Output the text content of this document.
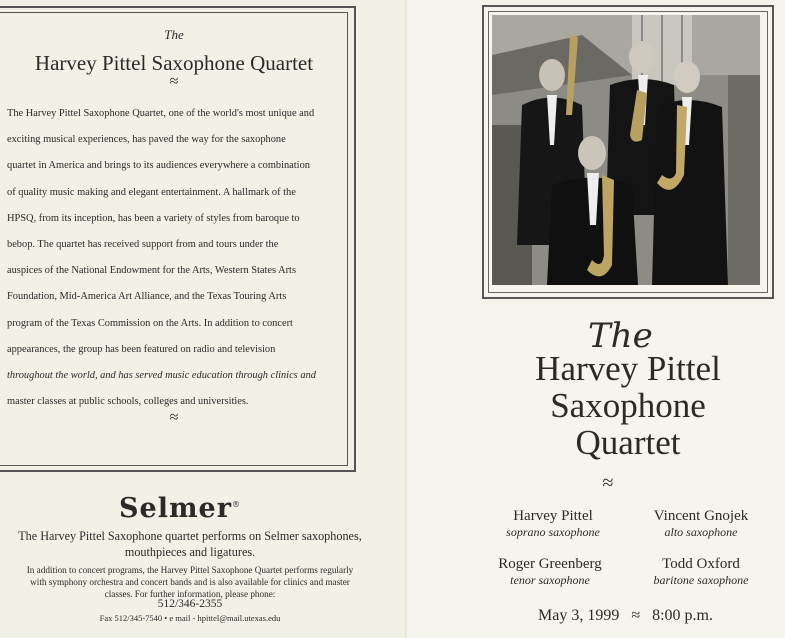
The
Harvey Pittel Saxophone Quartet
≈
The Harvey Pittel Saxophone Quartet, one of the world's most unique and
exciting musical experiences, has paved the way for the saxophone
quartet in America and brings to its audiences everywhere a combination
of quality music making and elegant entertainment. A hallmark of the
HPSQ, from its inception, has been a variety of styles from baroque to
bebop. The quartet has received support from and tours under the
auspices of the National Endowment for the Arts, Western States Arts
Foundation, Mid-America Art Alliance, and the Texas Touring Arts
program of the Texas Commission on the Arts. In addition to concert
appearances, the group has been featured on radio and television
throughout the world, and has served music education through clinics and
master classes at public schools, colleges and universities.
≈
Selmer®
The Harvey Pittel Saxophone quartet performs on Selmer saxophones,
mouthpieces and ligatures.
In addition to concert programs, the Harvey Pittel Saxophone Quartet performs regularly
with symphony orchestra and concert bands and is also available for clinics and master
classes. For further information, please phone:
512/346-2355
Fax 512/345-7540 • e mail - hpittel@mail.utexas.edu
The
Harvey Pittel
Saxophone
Quartet
≈
Harvey Pittel
soprano saxophone
Vincent Gnojek
alto saxophone
Roger Greenberg
tenor saxophone
Todd Oxford
baritone saxophone
May 3, 1999 ≈ 8:00 p.m.
